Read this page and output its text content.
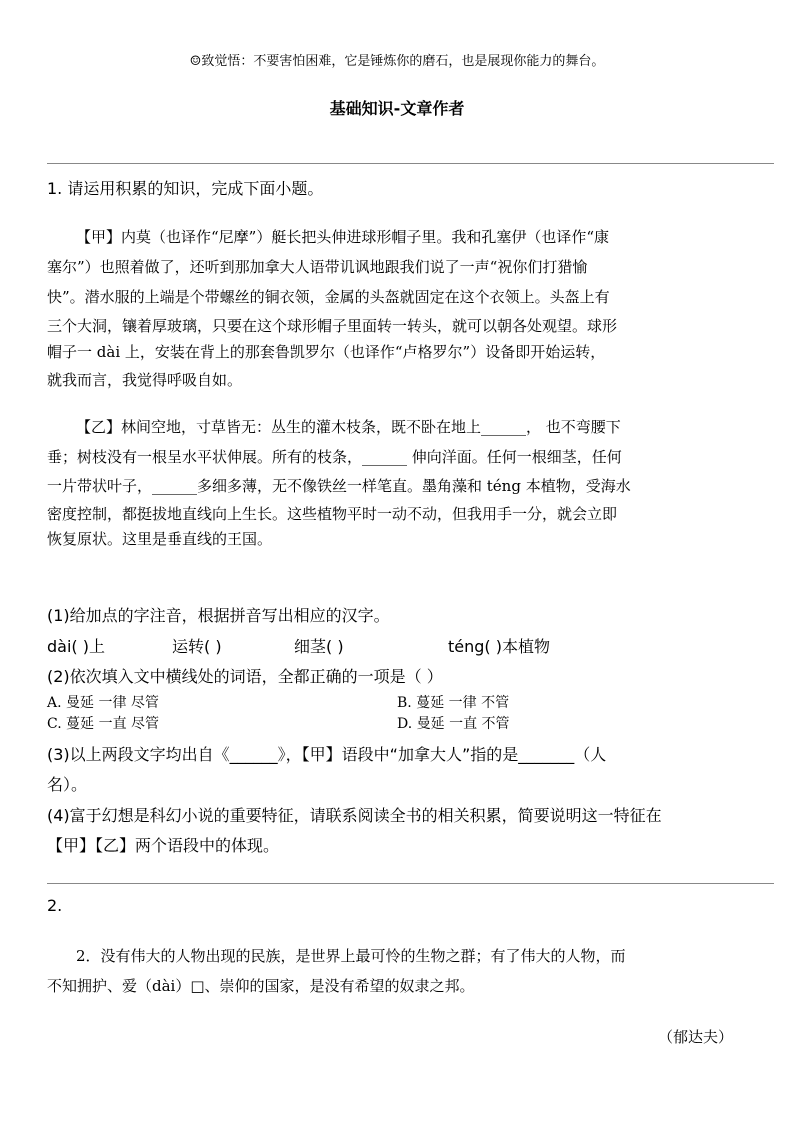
☺致觉悟：不要害怕困难，它是锤炼你的磨石，也是展现你能力的舞台。
基础知识-文章作者
1. 请运用积累的知识，完成下面小题。
【甲】内莫（也译作“尼摩”）艇长把头伸进球形帽子里。我和孔塞伊（也译作“康
塞尔”）也照着做了，还听到那加拿大人语带讥讽地跟我们说了一声“祝你们打猎愉
快”。潜水服的上端是个带螺丝的铜衣领，金属的头盔就固定在这个衣领上。头盔上有
三个大洞，镶着厚玻璃，只要在这个球形帽子里面转一转头，就可以朝各处观望。球形
帽子一 dài 上，安装在背上的那套鲁凯罗尔（也译作“卢格罗尔”）设备即开始运转，
就我而言，我觉得呼吸自如。
【乙】林间空地，寸草皆无：丛生的灌木枝条，既不卧在地上______， 也不弯腰下
垂；树枝没有一根呈水平状伸展。所有的枝条，______ 伸向洋面。任何一根细茎，任何
一片带状叶子，______多细多薄，无不像铁丝一样笔直。墨角藻和 téng 本植物，受海水
密度控制，都挺拔地直线向上生长。这些植物平时一动不动，但我用手一分，就会立即
恢复原状。这里是垂直线的王国。
(1)给加点的字注音，根据拼音写出相应的汉字。
dài( )上	运转( )	细茎( )	téng( )本植物
(2)依次填入文中横线处的词语，全都正确的一项是（ ）
A. 曼延 一律 尽管	B. 蔓延 一律 不管
C. 蔓延 一直 尽管	D. 曼延 一直 不管
(3)以上两段文字均出自《______》，【甲】语段中“加拿大人”指的是_______（人
名）。
(4)富于幻想是科幻小说的重要特征，请联系阅读全书的相关积累，简要说明这一特征在
【甲】【乙】两个语段中的体现。
2.
2．没有伟大的人物出现的民族，是世界上最可怜的生物之群；有了伟大的人物，而
不知拥护、爱（dài）□、崇仰的国家，是没有希望的奴隶之邦。
（郁达夫）
